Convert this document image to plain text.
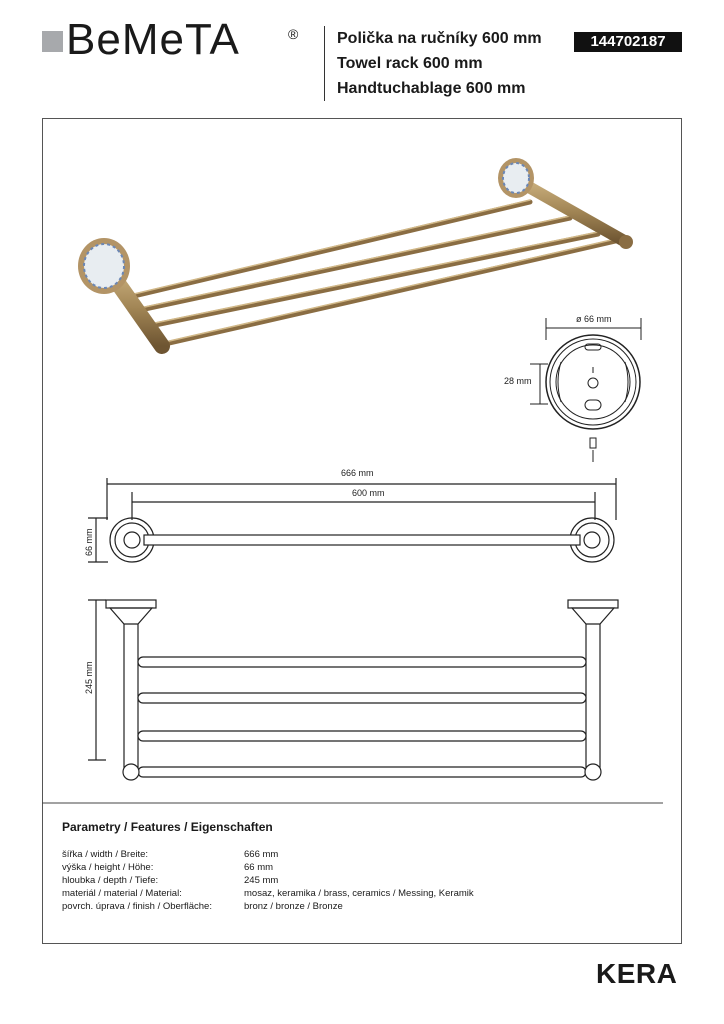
BeMeTA	® Polička na ručníky 600 mm
Towel rack 600 mm
Handtuchablage 600 mm
144702187
ø 66 mm
28 mm
666 mm
600 mm
66 mm
245 mm
Parametry / Features / Eigenschaften
šířka / width / Breite:	666 mm
výška / height / Höhe:	66 mm
hloubka / depth / Tiefe:	245 mm
materiál / material / Material:	mosaz, keramika / brass, ceramics / Messing, Keramik
povrch. úprava / finish / Oberfläche:	bronz / bronze / Bronze
KERA
